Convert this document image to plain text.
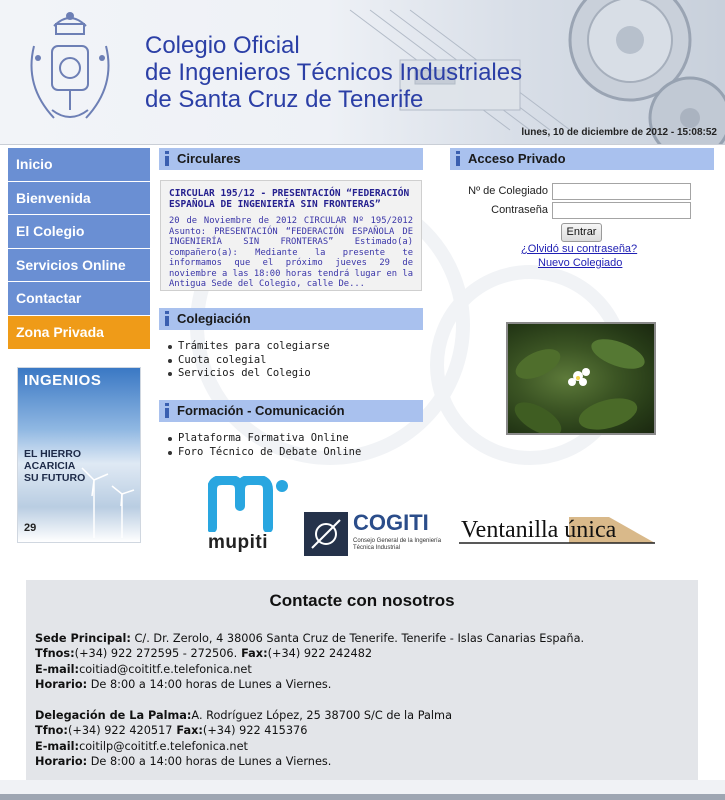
Colegio Oficial
de Ingenieros Técnicos Industriales
de Santa Cruz de Tenerife
lunes, 10 de diciembre de 2012 - 15:08:52
Inicio
Bienvenida
El Colegio
Servicios Online
Contactar
Zona Privada
INGENIOS
EL HIERRO
ACARICIA
SU FUTURO
29
Circulares
CIRCULAR 195/12 - PRESENTACIÓN “FEDERACIÓN ESPAÑOLA DE INGENIERÍA SIN FRONTERAS”
20 de Noviembre de 2012 CIRCULAR Nº 195/2012 Asunto: PRESENTACIÓN “FEDERACIÓN ESPAÑOLA DE INGENIERÍA SIN FRONTERAS” Estimado(a) compañero(a): Mediante la presente te informamos que el próximo jueves 29 de noviembre a las 18:00 horas tendrá lugar en la Antigua Sede del Colegio, calle De...
Colegiación
Trámites para colegiarse
Cuota colegial
Servicios del Colegio
Formación - Comunicación
Plataforma Formativa Online
Foro Técnico de Debate Online
mupiti
COGITI
Consejo General de la Ingeniería Técnica Industrial
Ventanilla única
Acceso Privado
Nº de Colegiado
Contraseña
Entrar
¿Olvidó su contraseña?
Nuevo Colegiado
Contacte con nosotros
Sede Principal: C/. Dr. Zerolo, 4 38006 Santa Cruz de Tenerife. Tenerife - Islas Canarias España.
Tfnos:(+34) 922 272595 - 272506. Fax:(+34) 922 242482
E-mail:coitiad@coititf.e.telefonica.net
Horario: De 8:00 a 14:00 horas de Lunes a Viernes.
Delegación de La Palma:A. Rodríguez López, 25 38700 S/C de la Palma
Tfno:(+34) 922 420517 Fax:(+34) 922 415376
E-mail:coitilp@coititf.e.telefonica.net
Horario: De 8:00 a 14:00 horas de Lunes a Viernes.
